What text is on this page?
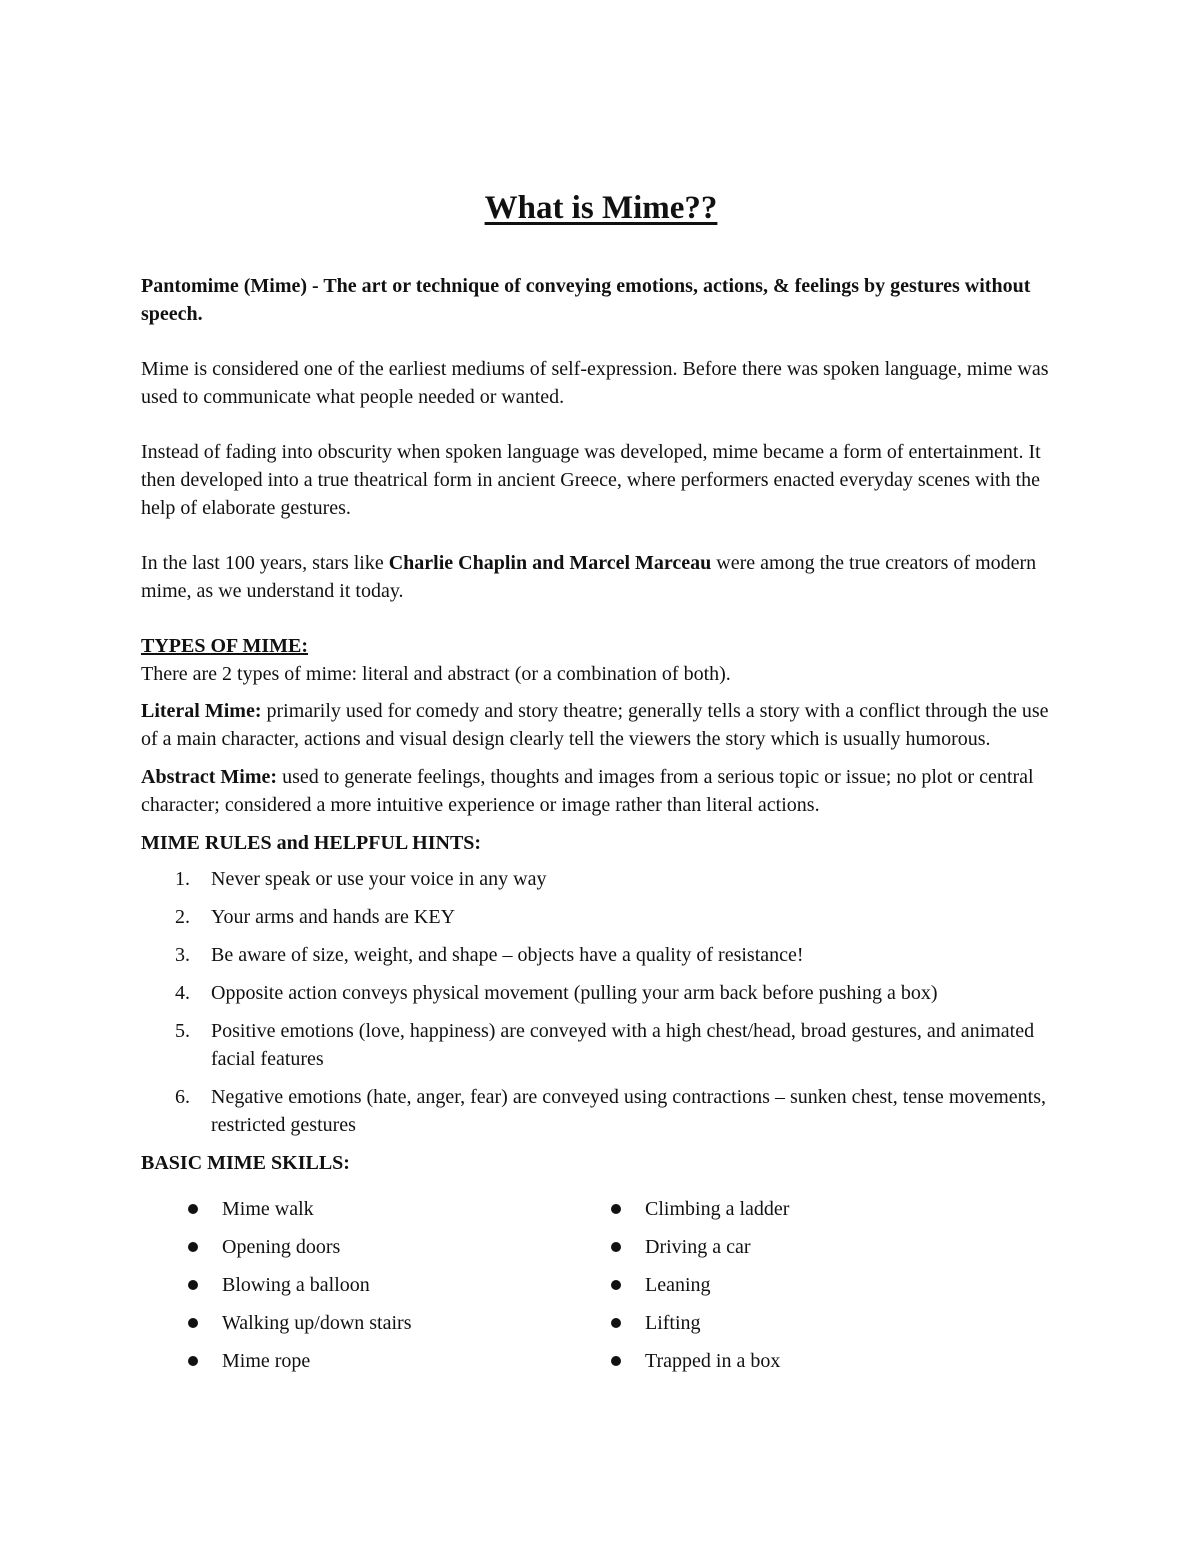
What is Mime??

Pantomime (Mime) - The art or technique of conveying emotions, actions, & feelings by gestures without speech.

Mime is considered one of the earliest mediums of self-expression. Before there was spoken language, mime was used to communicate what people needed or wanted.

Instead of fading into obscurity when spoken language was developed, mime became a form of entertainment. It then developed into a true theatrical form in ancient Greece, where performers enacted everyday scenes with the help of elaborate gestures.

In the last 100 years, stars like Charlie Chaplin and Marcel Marceau were among the true creators of modern mime, as we understand it today.

TYPES OF MIME:
There are 2 types of mime: literal and abstract (or a combination of both).
Literal Mime: primarily used for comedy and story theatre; generally tells a story with a conflict through the use of a main character, actions and visual design clearly tell the viewers the story which is usually humorous.
Abstract Mime: used to generate feelings, thoughts and images from a serious topic or issue; no plot or central character; considered a more intuitive experience or image rather than literal actions.
MIME RULES and HELPFUL HINTS:
1.	Never speak or use your voice in any way
2.	Your arms and hands are KEY
3.	Be aware of size, weight, and shape – objects have a quality of resistance!
4.	Opposite action conveys physical movement (pulling your arm back before pushing a box)
5.	Positive emotions (love, happiness) are conveyed with a high chest/head, broad gestures, and animated facial features
6.	Negative emotions (hate, anger, fear) are conveyed using contractions – sunken chest, tense movements, restricted gestures
BASIC MIME SKILLS:
Mime walk
Opening doors
Blowing a balloon
Walking up/down stairs
Mime rope
Climbing a ladder
Driving a car
Leaning
Lifting
Trapped in a box
